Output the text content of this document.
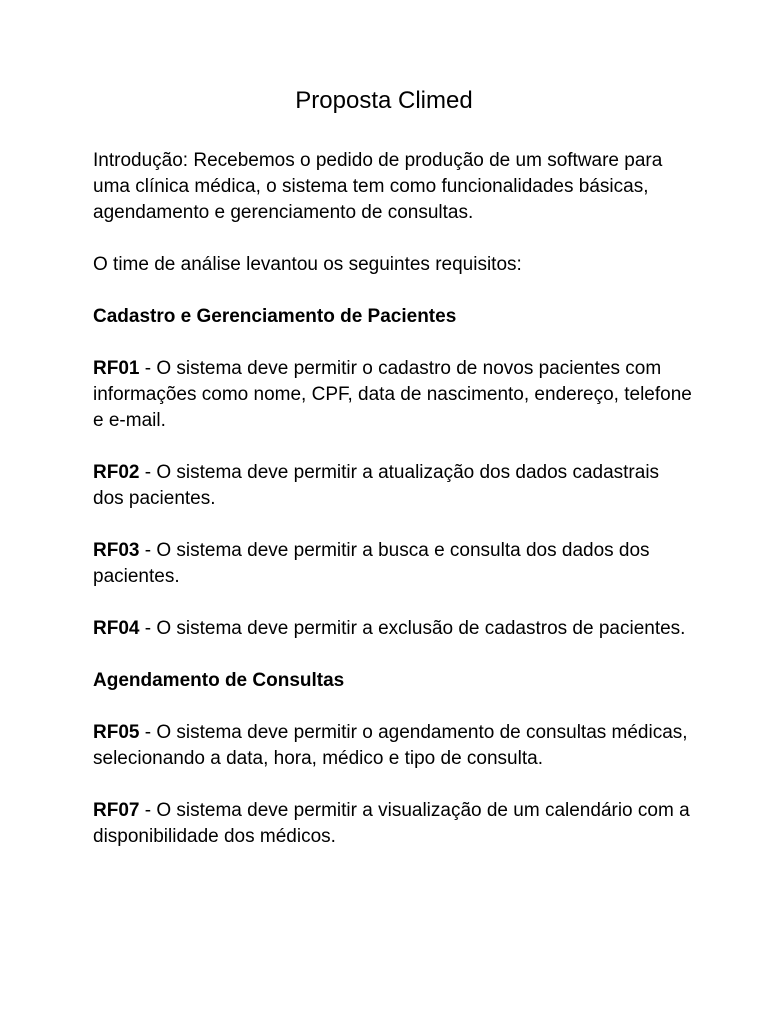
Proposta Climed

Introdução: Recebemos o pedido de produção de um software para uma clínica médica, o sistema tem como funcionalidades básicas, agendamento e gerenciamento de consultas.

O time de análise levantou os seguintes requisitos:

Cadastro e Gerenciamento de Pacientes

RF01 - O sistema deve permitir o cadastro de novos pacientes com informações como nome, CPF, data de nascimento, endereço, telefone e e-mail.

RF02 - O sistema deve permitir a atualização dos dados cadastrais dos pacientes.

RF03 - O sistema deve permitir a busca e consulta dos dados dos pacientes.

RF04 - O sistema deve permitir a exclusão de cadastros de pacientes.

Agendamento de Consultas

RF05 - O sistema deve permitir o agendamento de consultas médicas, selecionando a data, hora, médico e tipo de consulta.

RF07 - O sistema deve permitir a visualização de um calendário com a disponibilidade dos médicos.
